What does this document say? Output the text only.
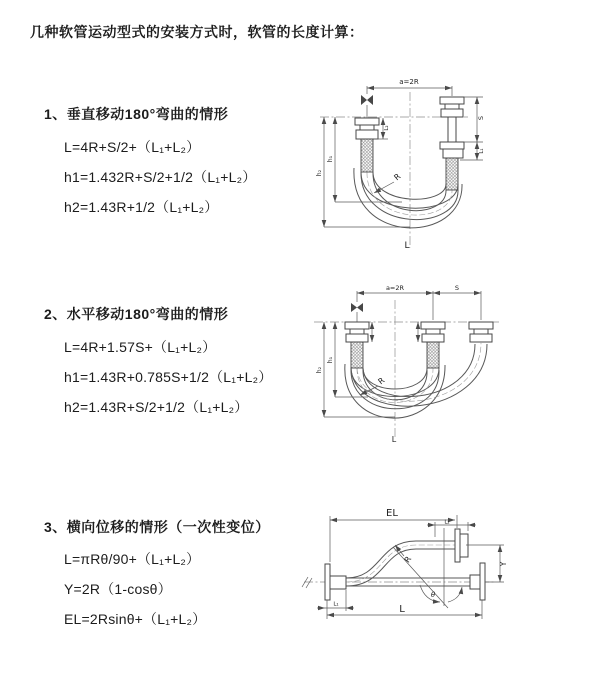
几种软管运动型式的安装方式时，软管的长度计算：
1、垂直移动180°弯曲的情形
L=4R+S/2+（L₁+L₂）
h1=1.432R+S/2+1/2（L₁+L₂）
h2=1.43R+1/2（L₁+L₂）
2、水平移动180°弯曲的情形
L=4R+1.57S+（L₁+L₂）
h1=1.43R+0.785S+1/2（L₁+L₂）
h2=1.43R+S/2+1/2（L₁+L₂）
3、横向位移的情形（一次性变位）
L=πRθ/90+（L₁+L₂）
Y=2R（1-cosθ）
EL=2Rsinθ+（L₁+L₂）
a=2R
S
L₁
L₂
h₁
h₂	R
L
a=2R	S
h₁
h₂
R
L
θ
EL
L₂
Y
R
L
L₁
